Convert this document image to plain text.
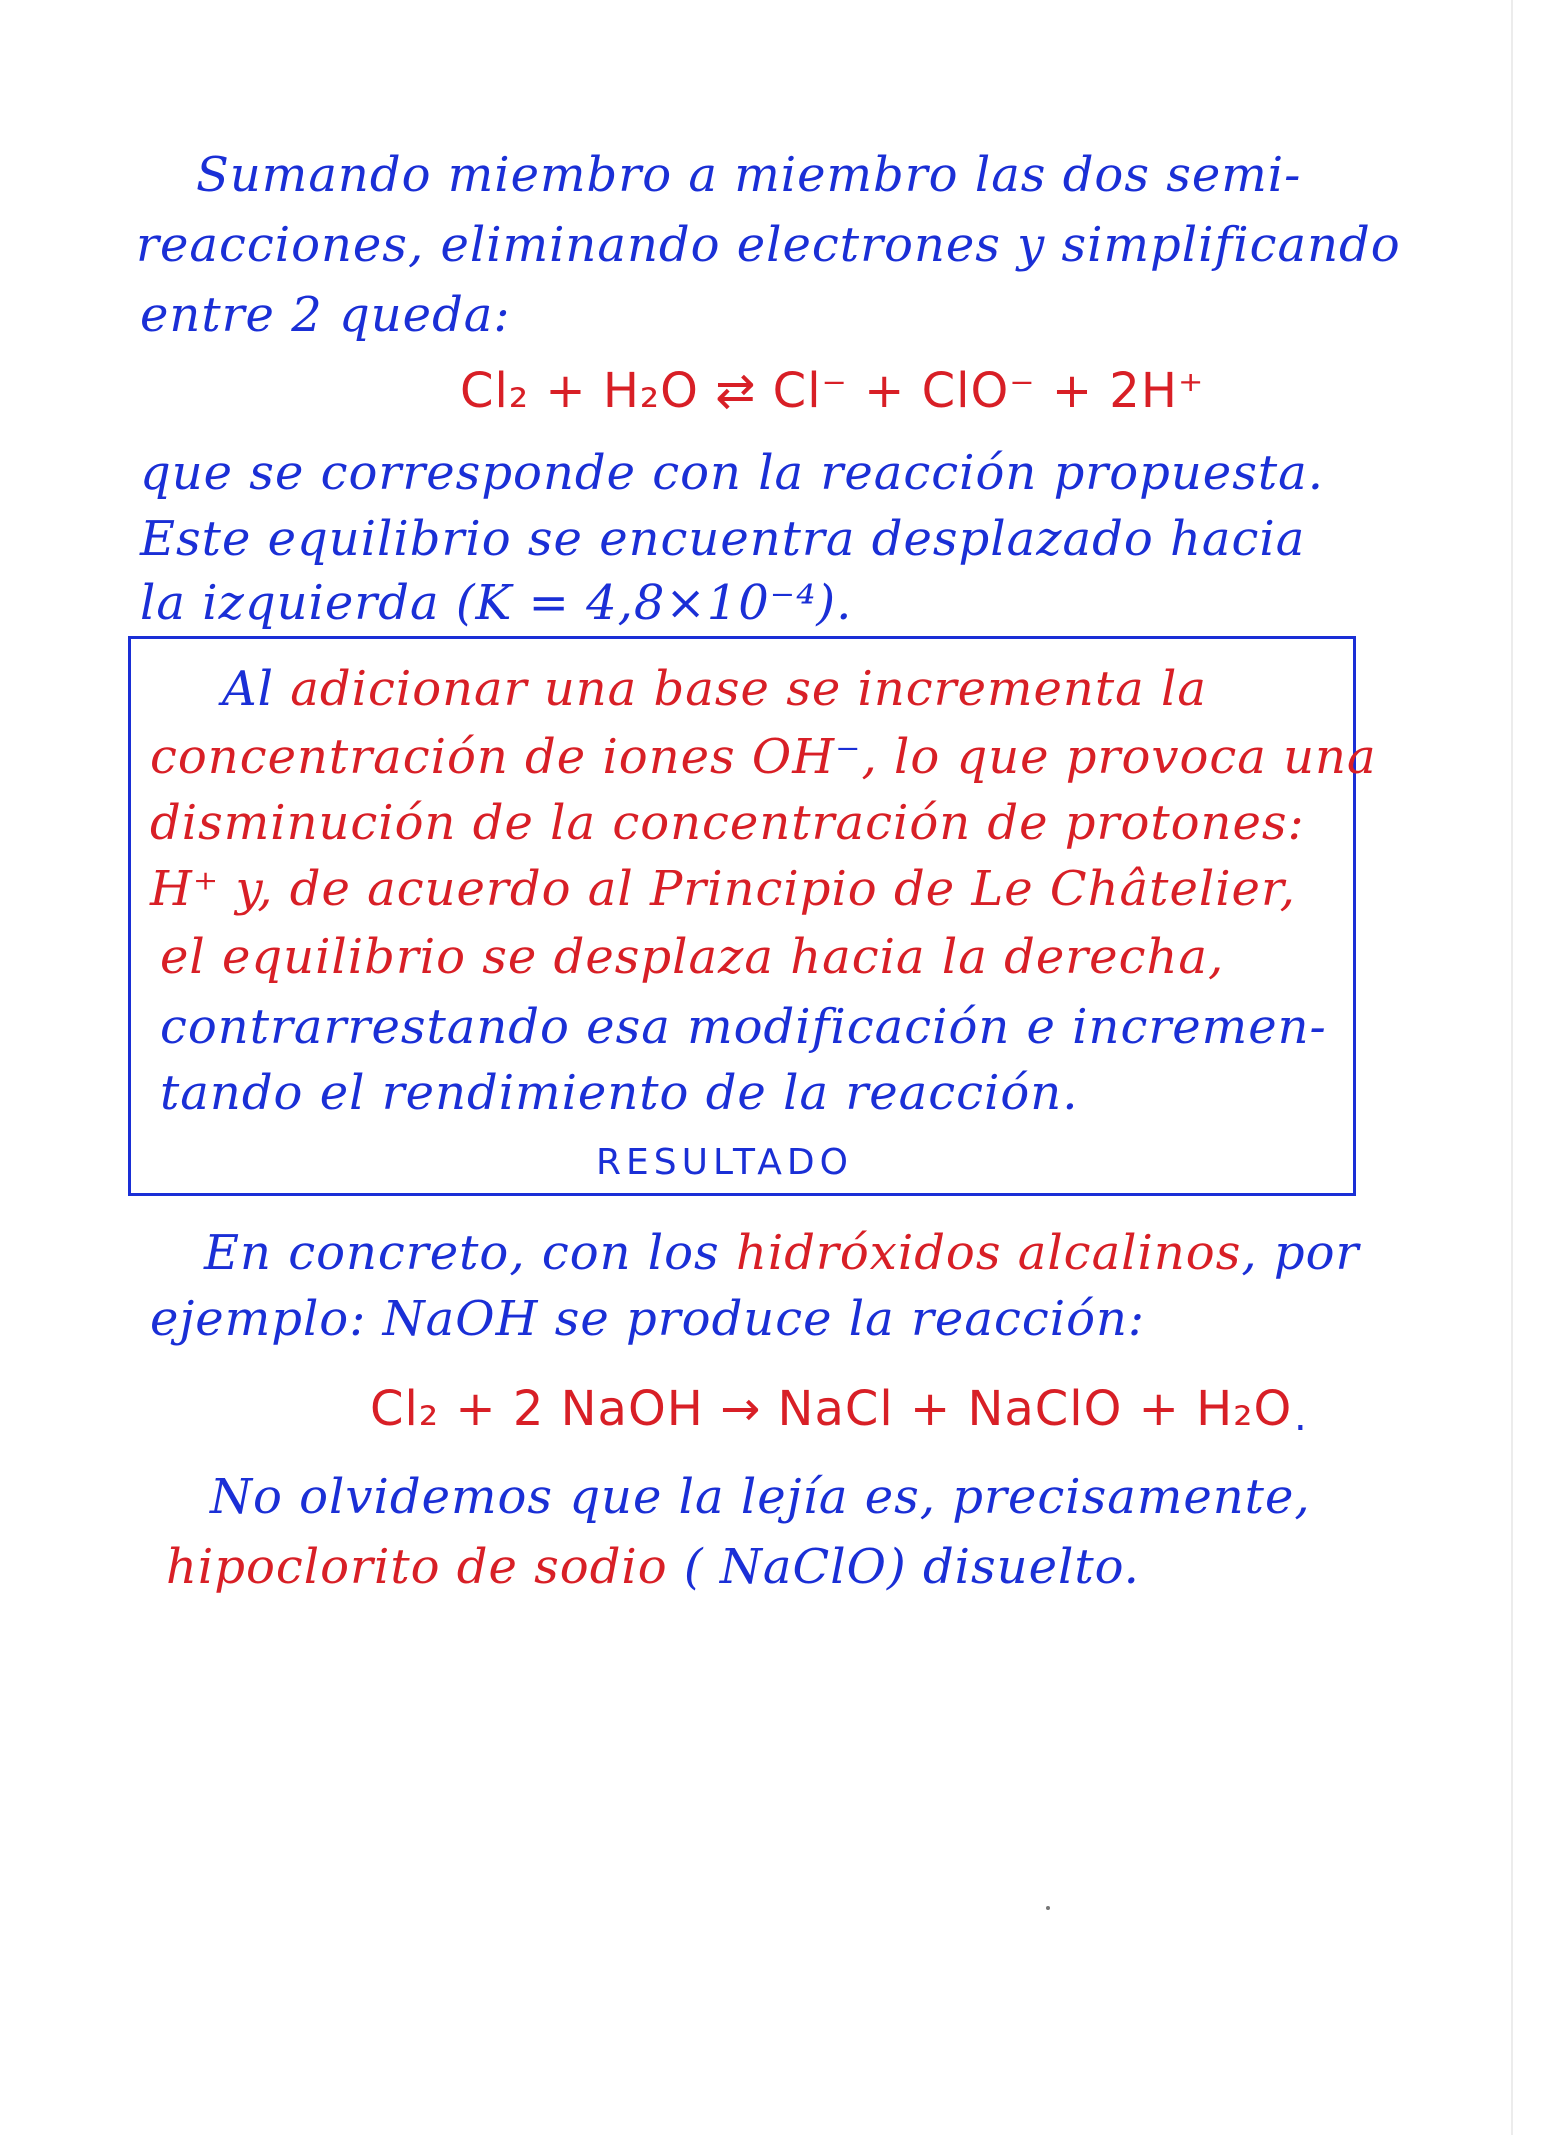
Sumando miembro a miembro las dos semi-
reacciones, eliminando electrones y simplificando
entre 2 queda:
Cl₂ + H₂O ⇄ Cl⁻ + ClO⁻ + 2H⁺
que se corresponde con la reacción propuesta.
Este equilibrio se encuentra desplazado hacia
la izquierda (K = 4,8×10⁻⁴).
Al adicionar una base se incrementa la
concentración de iones OH⁻, lo que provoca una
disminución de la concentración de protones:
H⁺ y, de acuerdo al Principio de Le Châtelier,
el equilibrio se desplaza hacia la derecha,
contrarrestando esa modificación e incremen-
tando el rendimiento de la reacción.
RESULTADO
En concreto, con los hidróxidos alcalinos, por
ejemplo: NaOH se produce la reacción:
Cl₂ + 2 NaOH → NaCl + NaClO + H₂O .
No olvidemos que la lejía es, precisamente,
hipoclorito de sodio ( NaClO) disuelto.
